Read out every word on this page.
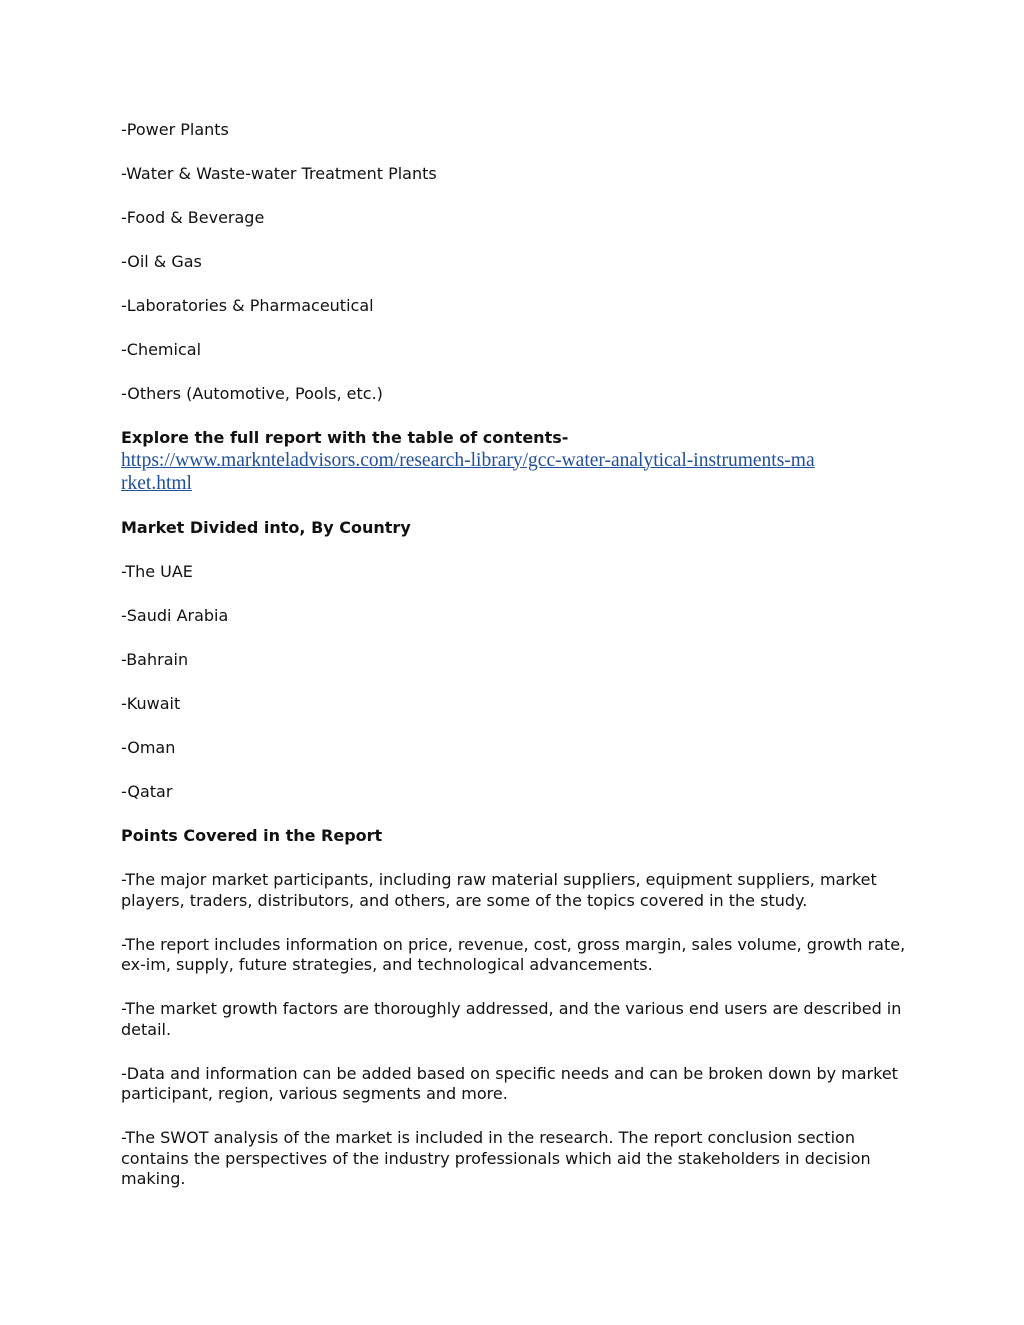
-Power Plants

-Water & Waste-water Treatment Plants

-Food & Beverage

-Oil & Gas

-Laboratories & Pharmaceutical

-Chemical

-Others (Automotive, Pools, etc.)

Explore the full report with the table of contents-
https://www.marknteladvisors.com/research-library/gcc-water-analytical-instruments-market.html

Market Divided into, By Country

-The UAE

-Saudi Arabia

-Bahrain

-Kuwait

-Oman

-Qatar

Points Covered in the Report

-The major market participants, including raw material suppliers, equipment suppliers, market players, traders, distributors, and others, are some of the topics covered in the study.

-The report includes information on price, revenue, cost, gross margin, sales volume, growth rate, ex-im, supply, future strategies, and technological advancements.

-The market growth factors are thoroughly addressed, and the various end users are described in detail.

-Data and information can be added based on specific needs and can be broken down by market participant, region, various segments and more.

-The SWOT analysis of the market is included in the research. The report conclusion section contains the perspectives of the industry professionals which aid the stakeholders in decision making.
